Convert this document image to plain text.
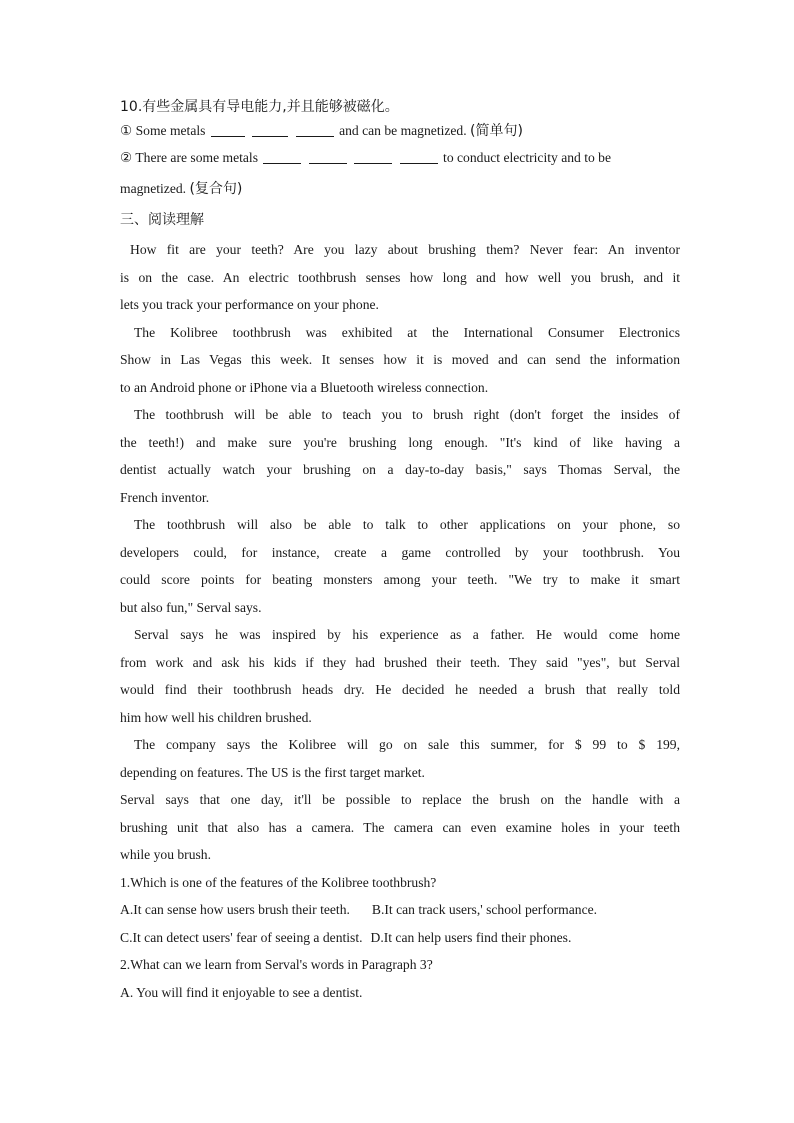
10.有些金属具有导电能力,并且能够被磁化。
① Some metals	and can be magnetized. (简单句)
② There are some metals	to conduct electricity and to be
magnetized. (复合句)
三、阅读理解
How fit are your teeth? Are you lazy about brushing them? Never fear: An inventor
is on the case. An electric toothbrush senses how long and how well you brush, and it
lets you track your performance on your phone.
The Kolibree toothbrush was exhibited at the International Consumer Electronics
Show in Las Vegas this week. It senses how it is moved and can send the information
to an Android phone or iPhone via a Bluetooth wireless connection.
The toothbrush will be able to teach you to brush right (don't forget the insides of
the teeth!) and make sure you're brushing long enough. "It's kind of like having a
dentist actually watch your brushing on a day-to-day basis," says Thomas Serval, the
French inventor.
The toothbrush will also be able to talk to other applications on your phone, so
developers could, for instance, create a game controlled by your toothbrush. You
could score points for beating monsters among your teeth. "We try to make it smart
but also fun," Serval says.
Serval says he was inspired by his experience as a father. He would come home
from work and ask his kids if they had brushed their teeth. They said "yes", but Serval
would find their toothbrush heads dry. He decided he needed a brush that really told
him how well his children brushed.
The company says the Kolibree will go on sale this summer, for $ 99 to $ 199,
depending on features. The US is the first target market.
Serval says that one day, it'll be possible to replace the brush on the handle with a
brushing unit that also has a camera. The camera can even examine holes in your teeth
while you brush.
1.Which is one of the features of the Kolibree toothbrush?
A.It can sense how users brush their teeth. B.It can track users,' school performance.
C.It can detect users' fear of seeing a dentist. D.It can help users find their phones.
2.What can we learn from Serval's words in Paragraph 3?
A. You will find it enjoyable to see a dentist.
